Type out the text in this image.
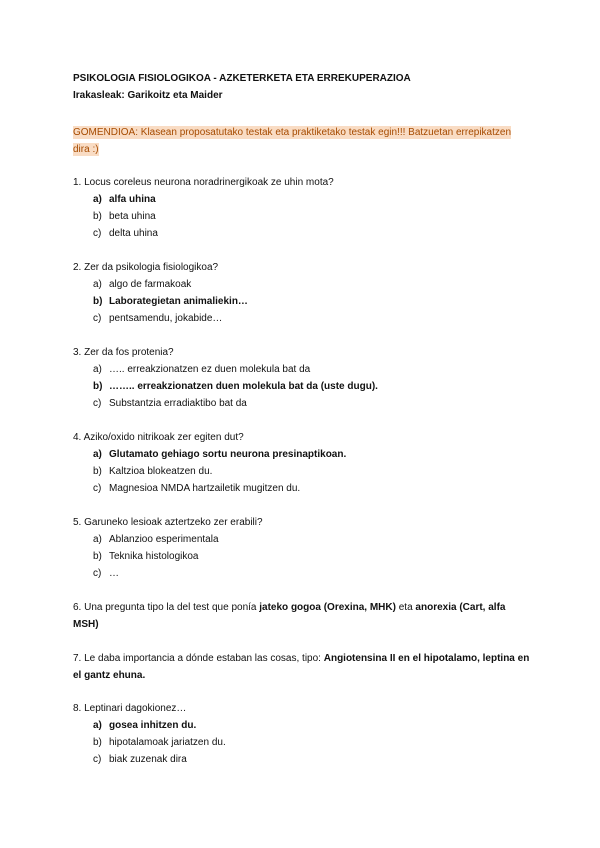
PSIKOLOGIA FISIOLOGIKOA - AZKETERKETA ETA ERREKUPERAZIOA
Irakasleak: Garikoitz eta Maider
GOMENDIOA: Klasean proposatutako testak eta praktiketako testak egin!!! Batzuetan errepikatzen dira :)
1. Locus coreleus neurona noradrinergikoak ze uhin mota?
a) alfa uhina
b) beta uhina
c) delta uhina
2. Zer da psikologia fisiologikoa?
a) algo de farmakoak
b) Laborategietan animaliekin…
c) pentsamendu, jokabide…
3. Zer da fos protenia?
a) ….. erreakzionatzen ez duen molekula bat da
b) …….. erreakzionatzen duen molekula bat da (uste dugu).
c) Substantzia erradiaktibo bat da
4. Aziko/oxido nitrikoak zer egiten dut?
a) Glutamato gehiago sortu neurona presinaptikoan.
b) Kaltzioa blokeatzen du.
c) Magnesioa NMDA hartzailetik mugitzen du.
5. Garuneko lesioak aztertzeko zer erabili?
a) Ablanzioo esperimentala
b) Teknika histologikoa
c) …
6. Una pregunta tipo la del test que ponía jateko gogoa (Orexina, MHK) eta anorexia (Cart, alfa MSH)
7. Le daba importancia a dónde estaban las cosas, tipo: Angiotensina II en el hipotalamo, leptina en el gantz ehuna.
8. Leptinari dagokionez…
a) gosea inhitzen du.
b) hipotalamoak jariatzen du.
c) biak zuzenak dira
